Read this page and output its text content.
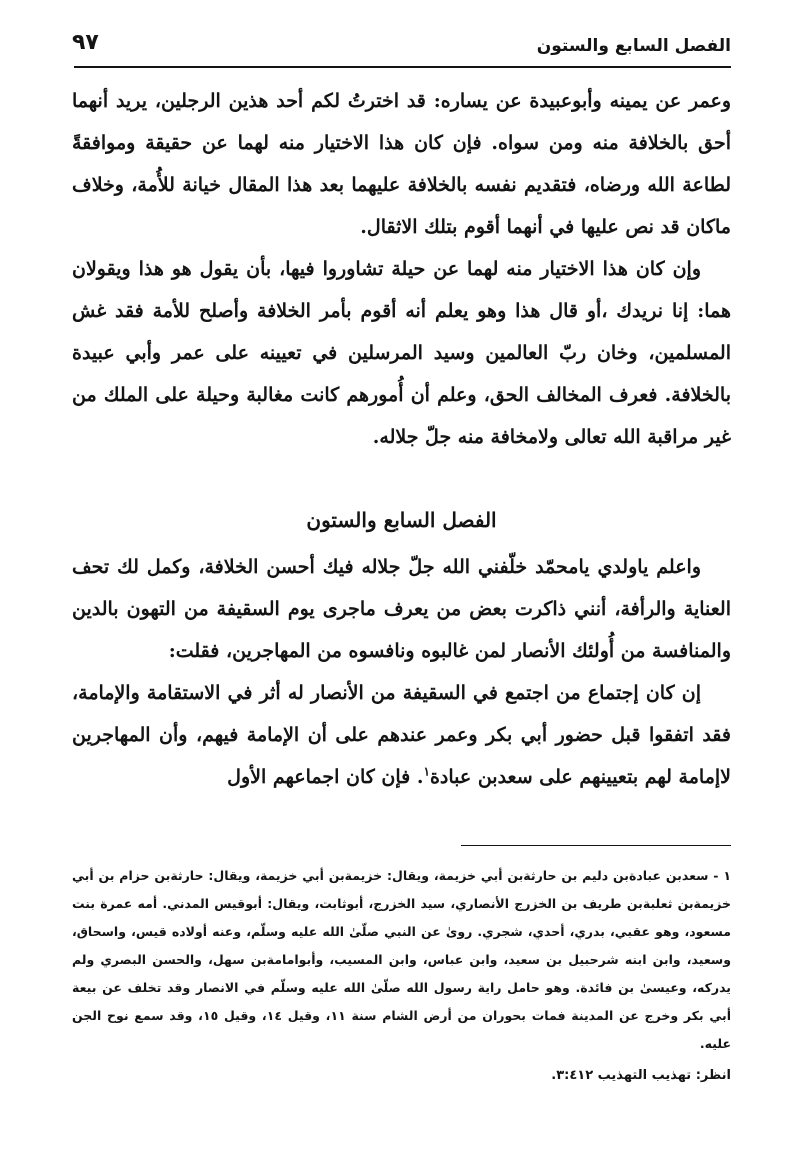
الفصل السابع والستون
٩٧

وعمر عن يمينه وأبوعبيدة عن يساره: قد اخترتُ لكم أحد هذين الرجلين، يريد أنهما أحق بالخلافة منه ومن سواه. فإن كان هذا الاختيار منه لهما عن حقيقة وموافقةً لطاعة الله ورضاه، فتقديم نفسه بالخلافة عليهما بعد هذا المقال خيانة للأُمة، وخلاف ماكان قد نص عليها في أنهما أقوم بتلك الاثقال.

وإن كان هذا الاختيار منه لهما عن حيلة تشاوروا فيها، بأن يقول هو هذا ويقولان هما: إنا نريدك ،أو قال هذا وهو يعلم أنه أقوم بأمر الخلافة وأصلح للأمة فقد غش المسلمين، وخان ربّ العالمين وسيد المرسلين في تعيينه على عمر وأبي عبيدة بالخلافة. فعرف المخالف الحق، وعلم أن أُمورهم كانت مغالبة وحيلة على الملك من غير مراقبة الله تعالى ولامخافة منه جلّ جلاله.

الفصل السابع والستون

واعلم ياولدي يامحمّد خلّفني الله جلّ جلاله فيك أحسن الخلافة، وكمل لك تحف العناية والرأفة، أنني ذاكرت بعض من يعرف ماجرى يوم السقيفة من التهون بالدين والمنافسة من أُولئك الأنصار لمن غالبوه ونافسوه من المهاجرين، فقلت:

إن كان إجتماع من اجتمع في السقيفة من الأنصار له أثر في الاستقامة والإمامة، فقد اتفقوا قبل حضور أبي بكر وعمر عندهم على أن الإمامة فيهم، وأن المهاجرين لاإمامة لهم بتعيينهم على سعدبن عبادة$^١$. فإن كان اجماعهم الأول

١ - سعدبن عبادةبن دليم بن حارثةبن أبي خزيمة، ويقال: خزيمةبن أبي خزيمة، ويقال: حارثةبن حزام بن أبي خزيمةبن ثعلبةبن طريف بن الخزرج الأنصاري، سيد الخزرج، أبوثابت، ويقال: أبوقيس المدني. أمه عمرة بنت مسعود، وهو عقبي، بدري، أحدي، شجري. روىٰ عن النبي صلّىٰ الله عليه وسلّم، وعنه أولاده قيس، واسحاق، وسعيد، وابن ابنه شرحبيل بن سعيد، وابن عباس، وابن المسيب، وأبوامامةبن سهل، والحسن البصري ولم يدركه، وعيسىٰ بن فائدة. وهو حامل راية رسول الله صلّىٰ الله عليه وسلّم في الانصار وقد تخلف عن بيعة أبي بكر وخرج عن المدينة فمات بحوران من أرض الشام سنة ١١، وقيل ١٤، وقيل ١٥، وقد سمع نوح الجن عليه.

انظر: تهذيب التهذيب ٣:٤١٢.
